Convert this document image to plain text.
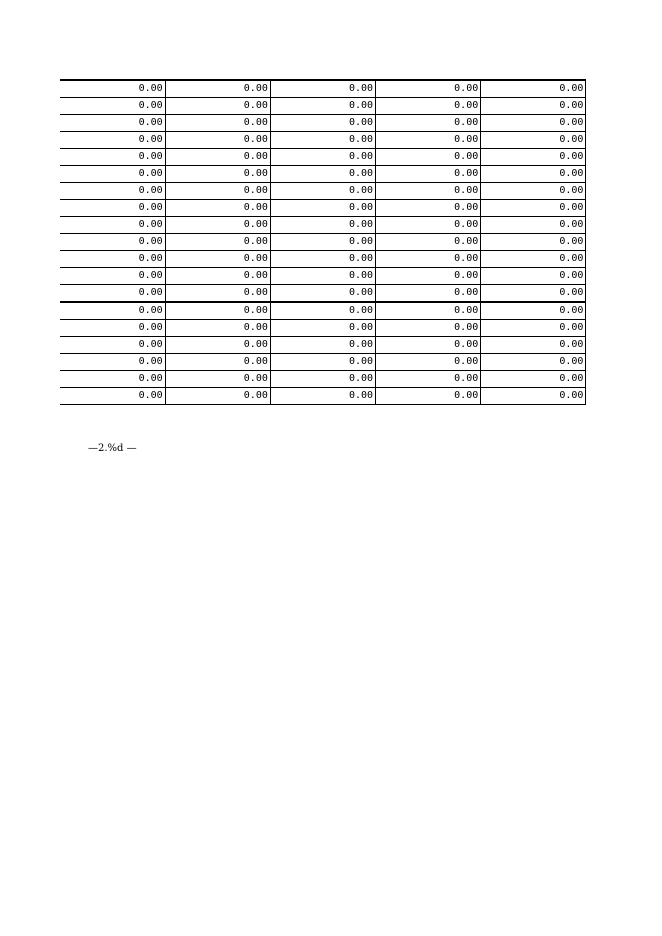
0.00	0.00	0.00	0.00	0.00
0.00	0.00	0.00	0.00	0.00
0.00	0.00	0.00	0.00	0.00
0.00	0.00	0.00	0.00	0.00
0.00	0.00	0.00	0.00	0.00
0.00	0.00	0.00	0.00	0.00
0.00	0.00	0.00	0.00	0.00
0.00	0.00	0.00	0.00	0.00
0.00	0.00	0.00	0.00	0.00
0.00	0.00	0.00	0.00	0.00
0.00	0.00	0.00	0.00	0.00
0.00	0.00	0.00	0.00	0.00
0.00	0.00	0.00	0.00	0.00
0.00	0.00	0.00	0.00	0.00
0.00	0.00	0.00	0.00	0.00
0.00	0.00	0.00	0.00	0.00
0.00	0.00	0.00	0.00	0.00
0.00	0.00	0.00	0.00	0.00
0.00	0.00	0.00	0.00	0.00
—2.%d —
